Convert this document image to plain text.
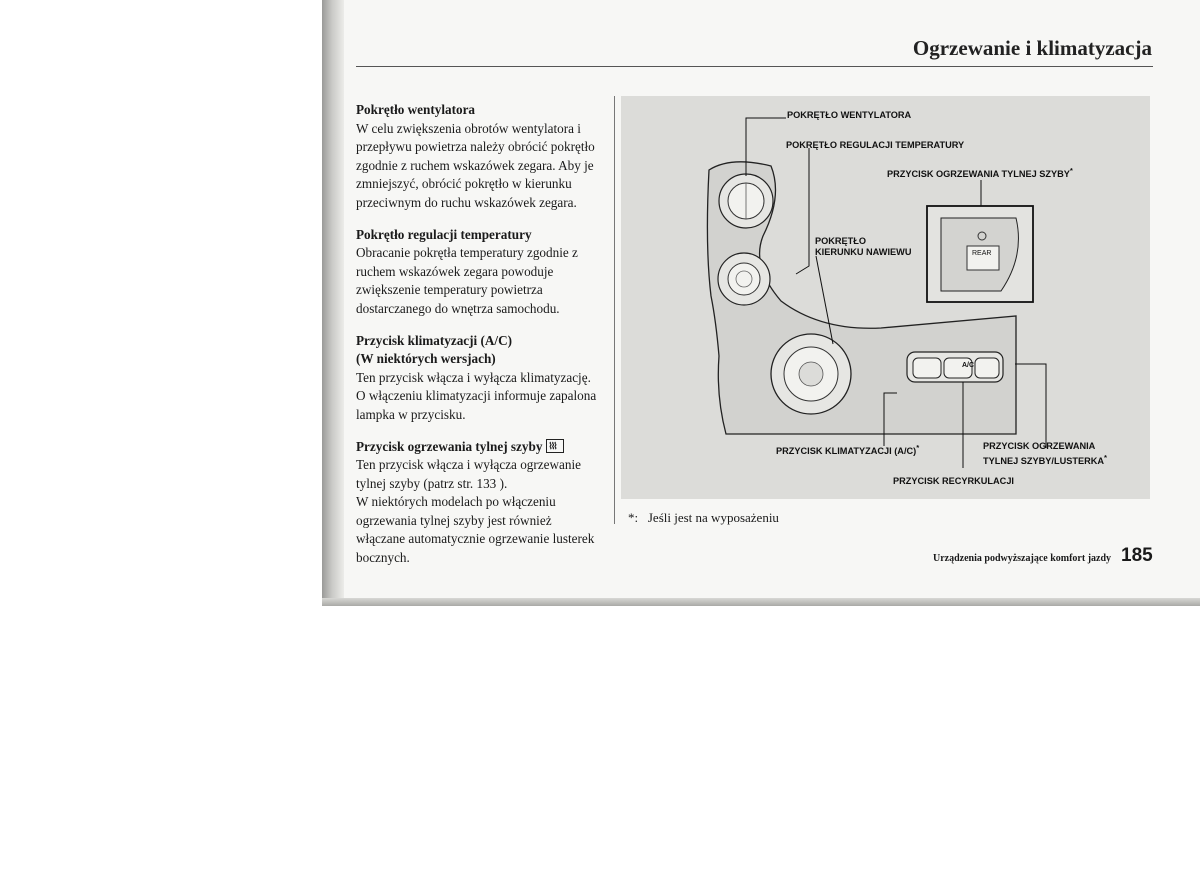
Ogrzewanie i klimatyzacja
Pokrętło wentylatora
W celu zwiększenia obrotów wentylatora i
przepływu powietrza należy obrócić pokrętło
zgodnie z ruchem wskazówek zegara. Aby je
zmniejszyć, obrócić pokrętło w kierunku
przeciwnym do ruchu wskazówek zegara.
Pokrętło regulacji temperatury
Obracanie pokrętła temperatury zgodnie z
ruchem wskazówek zegara powoduje
zwiększenie temperatury powietrza
dostarczanego do wnętrza samochodu.
Przycisk klimatyzacji (A/C)
(W niektórych wersjach)
Ten przycisk włącza i wyłącza klimatyzację.
O włączeniu klimatyzacji informuje zapalona
lampka w przycisku.
Przycisk ogrzewania tylnej szyby⌇⌇⌇
Ten przycisk włącza i wyłącza ogrzewanie
tylnej szyby (patrz str. 133 ).
W niektórych modelach po włączeniu
ogrzewania tylnej szyby jest również
włączane automatycznie ogrzewanie lusterek
bocznych.
A/C
REAR
POKRĘTŁO WENTYLATORA
POKRĘTŁO REGULACJI TEMPERATURY
PRZYCISK OGRZEWANIA TYLNEJ SZYBY*
POKRĘTŁO
KIERUNKU NAWIEWU
PRZYCISK KLIMATYZACJI (A/C)*	PRZYCISK OGRZEWANIA
TYLNEJ SZYBY/LUSTERKA*
PRZYCISK RECYRKULACJI
*: Jeśli jest na wyposażeniu
Urządzenia podwyższające komfort jazdy 185
